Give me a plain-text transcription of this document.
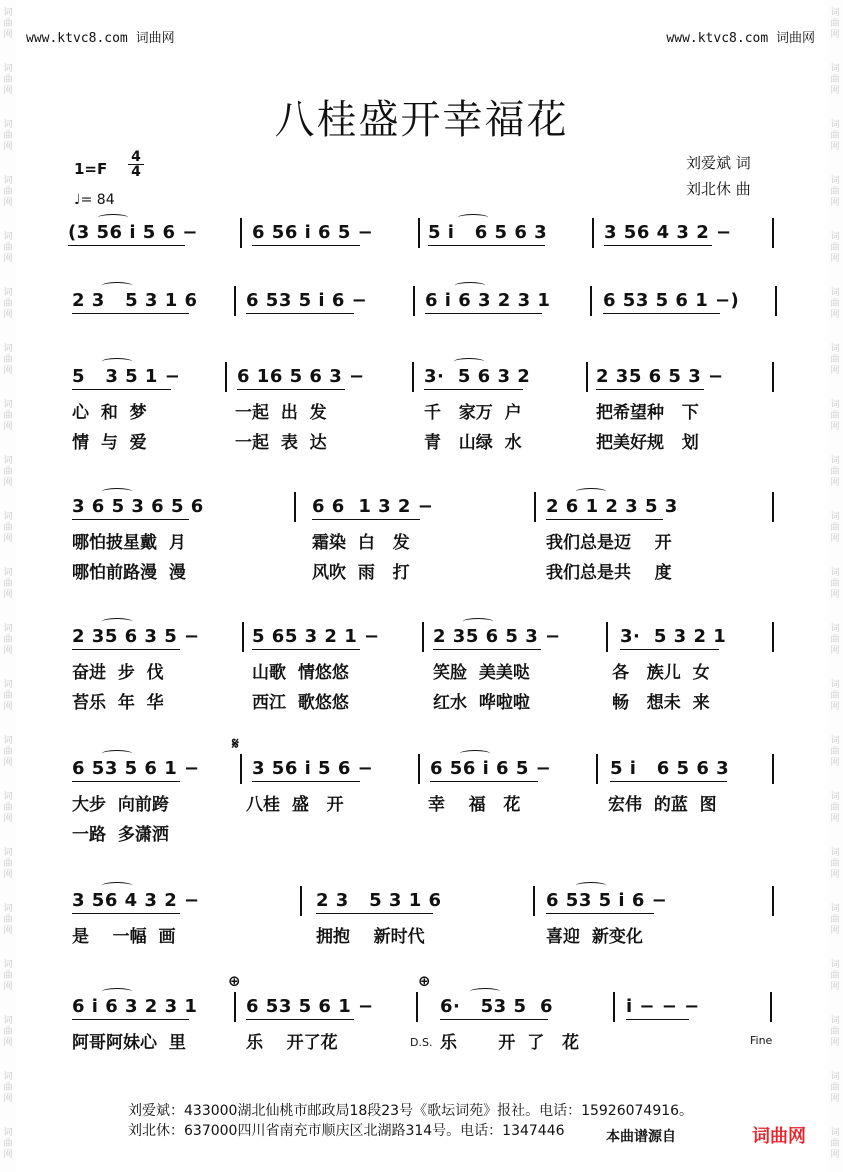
词
曲
网
词
曲
网
词
曲
网
词
曲
网
词
曲
网
词
曲
网
词
曲
网
词
曲
网
词
曲
网
词
曲
网
词
曲
网
词
曲
网
词
曲
网
词
曲
网
词
曲
网
词
曲
网
词
曲
网
词
曲
网
词
曲
网
词
曲
网
词
曲
网
词
曲
网
词
曲
网
词
曲
网
词
曲
网
词
曲
网
词
曲
网
词
曲
网
词
曲
网
词
曲
网
词
曲
网
词
曲
网
词
曲
网
词
曲
网
词
曲
网
词
曲
网
词
曲
网
词
曲
网
词
曲
网
词
曲
网
词
曲
网
词
曲
网
www.ktvc8.com 词曲网	www.ktvc8.com 词曲网
八桂盛开幸福花
$1=F \frac{4}{4}$
♩= 84
刘爱斌 词
刘北休 曲
(3 56 i 5 6 −	6 56 i 6 5 −	5 i   6 5 6 3	3 56 4 3 2 −
2 3   5 3 1 6	6 53 5 i 6 −	6 i 6 3 2 3 1	6 53 5 6 1 −)
5   3 5 1 −	6 16 5 6 3 −	3·  5 6 3 2	2 35 6 5 3 −
心  和  梦	一起  出  发	千   家万  户	把希望种   下
情  与  爱	一起  表  达	青   山绿  水	把美好规   划
3 6 5 3 6 5 6	6 6  1 3 2 −	2 6 1 2 3 5 3
哪怕披星戴  月	霜染  白   发	我们总是迈    开
哪怕前路漫  漫	风吹  雨   打	我们总是共    度
2 35 6 3 5 −	5 65 3 2 1 −	2 35 6 5 3 −	3·  5 3 2 1
奋进  步  伐	山歌  情悠悠	笑脸  美美哒	各   族儿  女
苔乐  年  华	西江  歌悠悠	红水  哗啦啦	畅   想未  来
6 53 5 6 1 −	3 56 i 5 6 −	6 56 i 6 5 −	5 i   6 5 6 3
大步  向前跨	八桂  盛   开	幸    福   花	宏伟  的蓝  图
一路  多潇洒
3 56 4 3 2 −	2 3   5 3 1 6	6 53 5 i 6 −
是    一幅  画	拥抱    新时代	喜迎  新变化
6 i 6 3 2 3 1	6 53 5 6 1 −	6·   53 5  6	i − − −
阿哥阿妹心  里	乐    开了花	乐       开  了   花
𝄋
⊕	⊕
D.S.	Fine
刘爱斌：433000湖北仙桃市邮政局18段23号《歌坛词苑》报社。电话：15926074916。
刘北休：637000四川省南充市顺庆区北湖路314号。电话：1347446	本曲谱源自	词曲网
